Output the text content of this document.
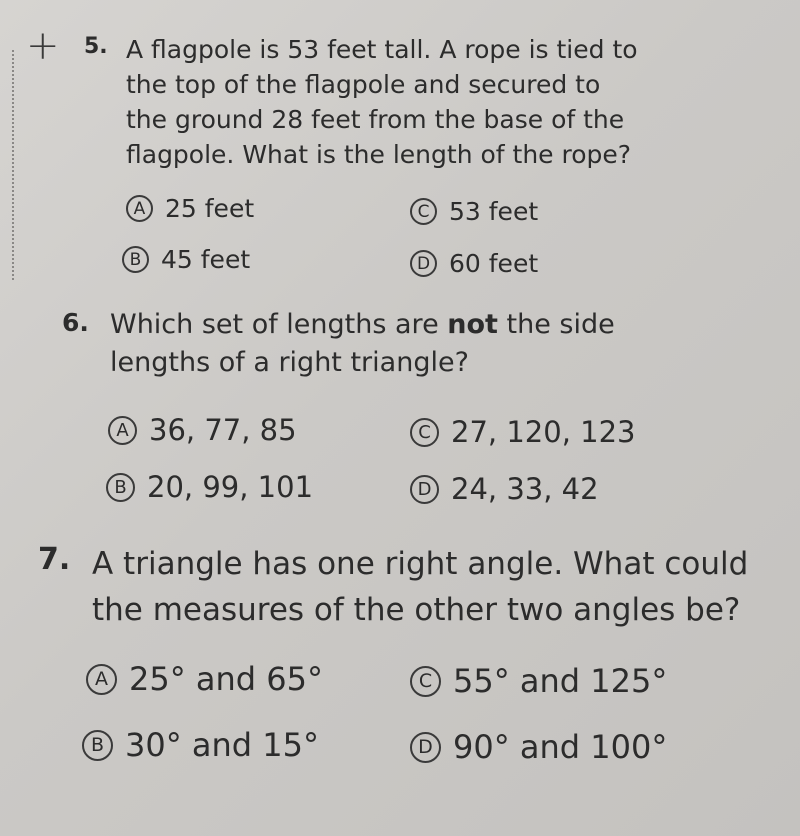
+ 5. A flagpole is 53 feet tall. A rope is tied to
the top of the flagpole and secured to
the ground 28 feet from the base of the
flagpole. What is the length of the rope?
A 25 feet
B 45 feet
C 53 feet
D 60 feet
6. Which set of lengths are not the side
lengths of a right triangle?
A 36, 77, 85
B 20, 99, 101
C 27, 120, 123
D 24, 33, 42
7. A triangle has one right angle. What could
the measures of the other two angles be?
A 25° and 65°
B 30° and 15°
C 55° and 125°
D 90° and 100°
